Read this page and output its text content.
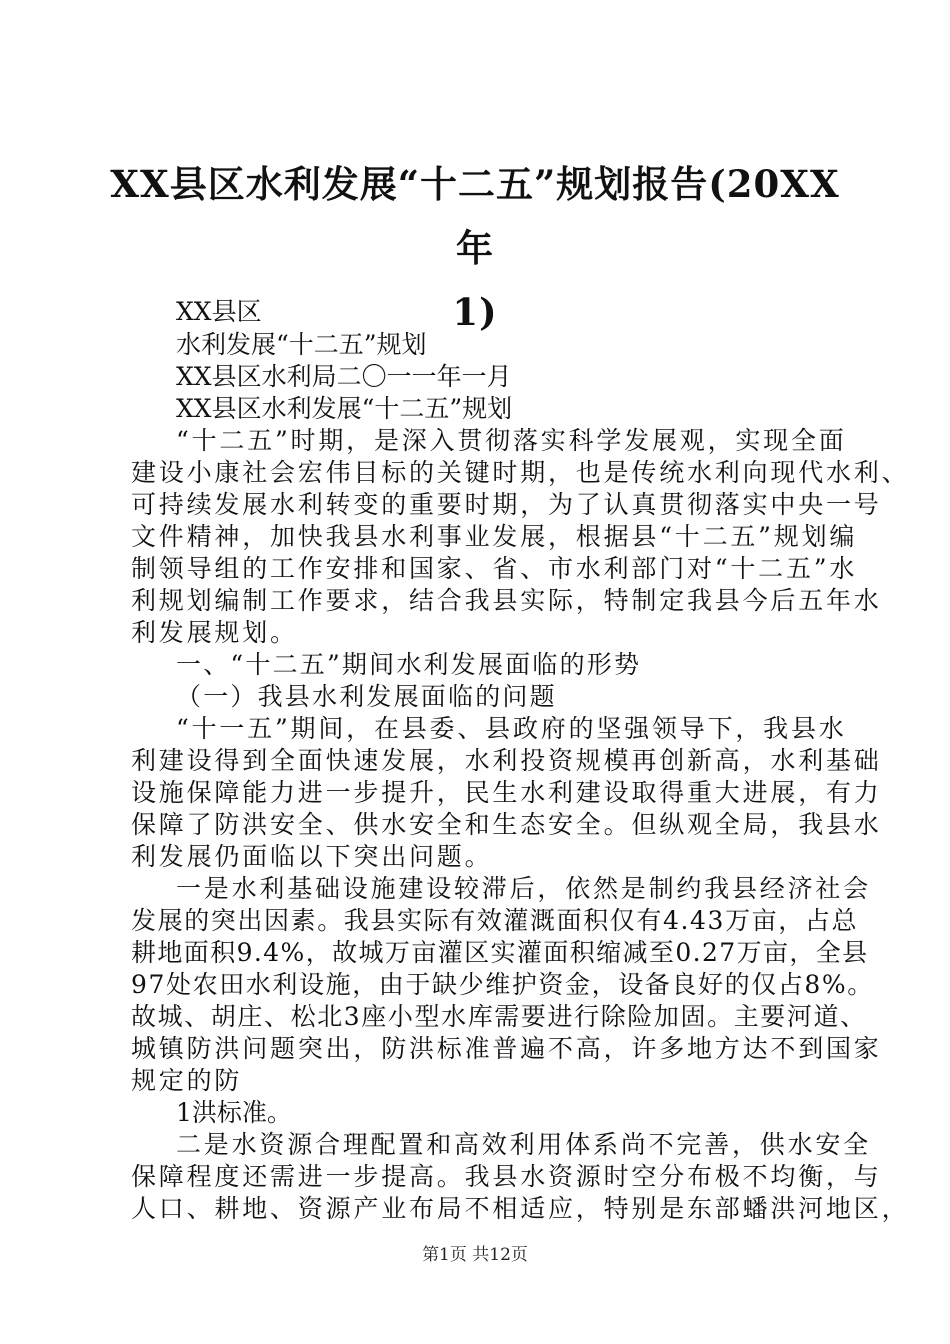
XX县区水利发展“十二五”规划报告(20XX年
1)
XX县区
水利发展“十二五”规划
XX县区水利局二〇一一年一月
XX县区水利发展“十二五”规划
“十二五”时期，是深入贯彻落实科学发展观，实现全面
建设小康社会宏伟目标的关键时期，也是传统水利向现代水利、
可持续发展水利转变的重要时期，为了认真贯彻落实中央一号
文件精神，加快我县水利事业发展，根据县“十二五”规划编
制领导组的工作安排和国家、省、市水利部门对“十二五”水
利规划编制工作要求，结合我县实际，特制定我县今后五年水
利发展规划。
一、“十二五”期间水利发展面临的形势
（一）我县水利发展面临的问题
“十一五”期间，在县委、县政府的坚强领导下，我县水
利建设得到全面快速发展，水利投资规模再创新高，水利基础
设施保障能力进一步提升，民生水利建设取得重大进展，有力
保障了防洪安全、供水安全和生态安全。但纵观全局，我县水
利发展仍面临以下突出问题。
一是水利基础设施建设较滞后，依然是制约我县经济社会
发展的突出因素。我县实际有效灌溉面积仅有4.43万亩，占总
耕地面积9.4%，故城万亩灌区实灌面积缩减至0.27万亩，全县
97处农田水利设施，由于缺少维护资金，设备良好的仅占8%。
故城、胡庄、松北3座小型水库需要进行除险加固。主要河道、
城镇防洪问题突出，防洪标准普遍不高，许多地方达不到国家
规定的防
1洪标准。
二是水资源合理配置和高效利用体系尚不完善，供水安全
保障程度还需进一步提高。我县水资源时空分布极不均衡，与
人口、耕地、资源产业布局不相适应，特别是东部蟠洪河地区，
第1页 共12页
